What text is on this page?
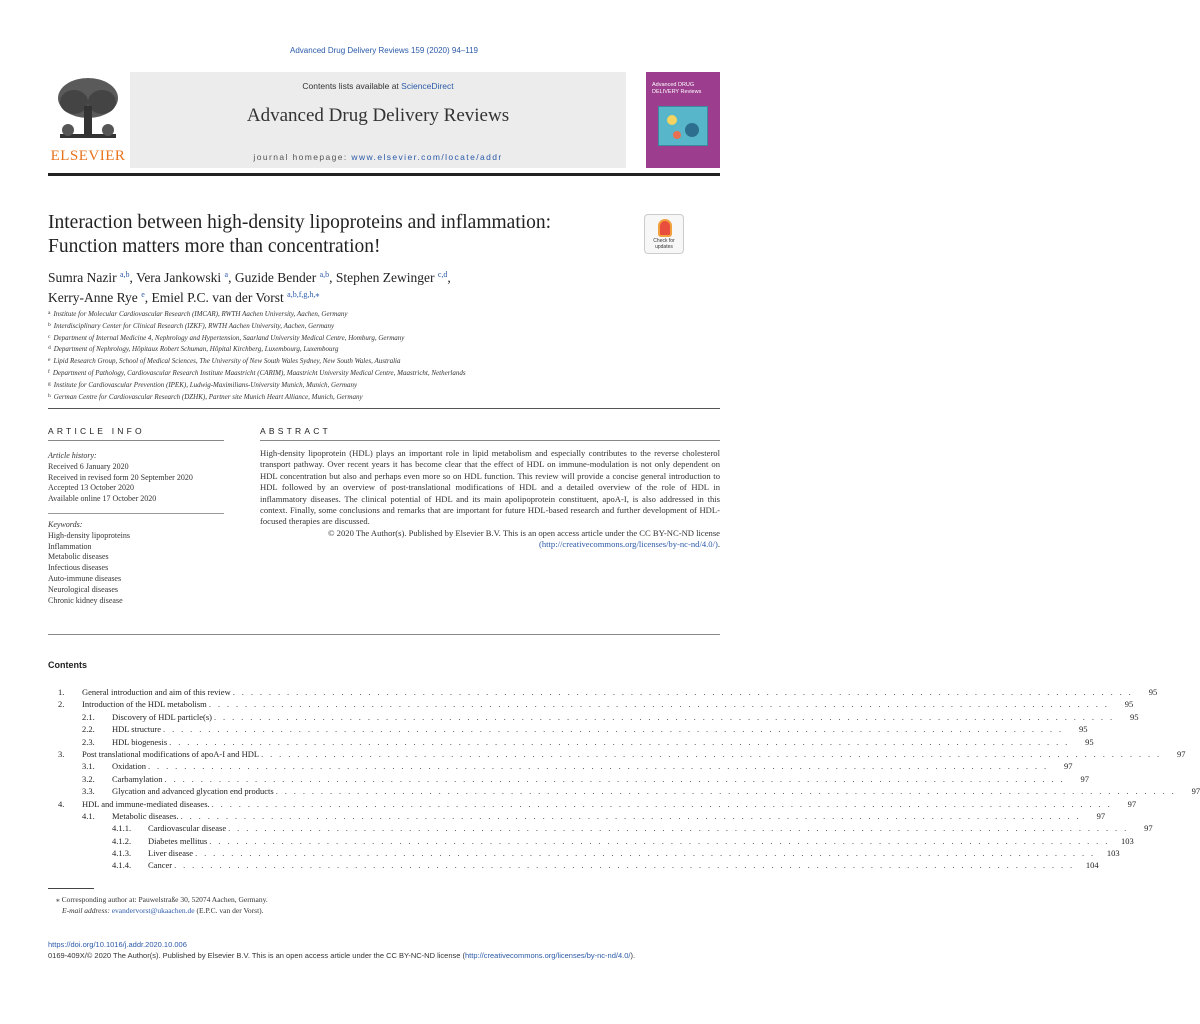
Advanced Drug Delivery Reviews 159 (2020) 94–119
ELSEVIER
Contents lists available at ScienceDirect
Advanced Drug Delivery Reviews
journal homepage: www.elsevier.com/locate/addr
Advanced DRUG DELIVERY Reviews
Interaction between high-density lipoproteins and inflammation:
Function matters more than concentration!	Check for updates
Sumra Nazir $^{a,b}$, Vera Jankowski $^a$, Guzide Bender $^{a,b}$, Stephen Zewinger $^{c,d}$,
Kerry-Anne Rye $^e$, Emiel P.C. van der Vorst $^{a,b,f,g,h,⁎}$
$^a$ Institute for Molecular Cardiovascular Research (IMCAR), RWTH Aachen University, Aachen, Germany
$^b$ Interdisciplinary Center for Clinical Research (IZKF), RWTH Aachen University, Aachen, Germany
$^c$ Department of Internal Medicine 4, Nephrology and Hypertension, Saarland University Medical Centre, Homburg, Germany
$^d$ Department of Nephrology, Hôpitaux Robert Schuman, Hôpital Kirchberg, Luxembourg, Luxembourg
$^e$ Lipid Research Group, School of Medical Sciences, The University of New South Wales Sydney, New South Wales, Australia
$^f$ Department of Pathology, Cardiovascular Research Institute Maastricht (CARIM), Maastricht University Medical Centre, Maastricht, Netherlands
$^g$ Institute for Cardiovascular Prevention (IPEK), Ludwig-Maximilians-University Munich, Munich, Germany
$^h$ German Centre for Cardiovascular Research (DZHK), Partner site Munich Heart Alliance, Munich, Germany
ARTICLE INFO	ABSTRACT
Article history:
Received 6 January 2020
Received in revised form 20 September 2020
Accepted 13 October 2020
Available online 17 October 2020
Keywords:
High-density lipoproteins
Inflammation
Metabolic diseases
Infectious diseases
Auto-immune diseases
Neurological diseases
Chronic kidney disease

High-density lipoprotein (HDL) plays an important role in lipid metabolism and especially contributes to the reverse cholesterol transport pathway. Over recent years it has become clear that the effect of HDL on immune-modulation is not only dependent on HDL concentration but also and perhaps even more so on HDL function. This review will provide a concise general introduction to HDL followed by an overview of post-translational modifications of HDL and a detailed overview of the role of HDL in inflammatory diseases. The clinical potential of HDL and its main apolipoprotein constituent, apoA-I, is also addressed in this context. Finally, some conclusions and remarks that are important for future HDL-based research and further development of HDL-focused therapies are discussed.

© 2020 The Author(s). Published by Elsevier B.V. This is an open access article under the CC BY-NC-ND license (http://creativecommons.org/licenses/by-nc-nd/4.0/).

Contents
1.	General introduction and aim of this review . . . . . . . . . . . . . . . . . . . . . . . . . . . . . . . . . . . . . . . . . . . . . . . . . . . . . . . . . . . . . . . . . . . . . . . . . . . . . . . . . . . . . . . . . . . . . . . . . . . .	95
2.	Introduction of the HDL metabolism . . . . . . . . . . . . . . . . . . . . . . . . . . . . . . . . . . . . . . . . . . . . . . . . . . . . . . . . . . . . . . . . . . . . . . . . . . . . . . . . . . . . . . . . . . . . . . . . . . . .	95
2.1.	Discovery of HDL particle(s) . . . . . . . . . . . . . . . . . . . . . . . . . . . . . . . . . . . . . . . . . . . . . . . . . . . . . . . . . . . . . . . . . . . . . . . . . . . . . . . . . . . . . . . . . . . . . . . . . . . .	95
2.2.	HDL structure . . . . . . . . . . . . . . . . . . . . . . . . . . . . . . . . . . . . . . . . . . . . . . . . . . . . . . . . . . . . . . . . . . . . . . . . . . . . . . . . . . . . . . . . . . . . . . . . . . . .	95
2.3.	HDL biogenesis . . . . . . . . . . . . . . . . . . . . . . . . . . . . . . . . . . . . . . . . . . . . . . . . . . . . . . . . . . . . . . . . . . . . . . . . . . . . . . . . . . . . . . . . . . . . . . . . . . . .	95
3.	Post translational modifications of apoA-I and HDL . . . . . . . . . . . . . . . . . . . . . . . . . . . . . . . . . . . . . . . . . . . . . . . . . . . . . . . . . . . . . . . . . . . . . . . . . . . . . . . . . . . . . . . . . . . . . . . . . . . .	97
3.1.	Oxidation . . . . . . . . . . . . . . . . . . . . . . . . . . . . . . . . . . . . . . . . . . . . . . . . . . . . . . . . . . . . . . . . . . . . . . . . . . . . . . . . . . . . . . . . . . . . . . . . . . . .	97
3.2.	Carbamylation . . . . . . . . . . . . . . . . . . . . . . . . . . . . . . . . . . . . . . . . . . . . . . . . . . . . . . . . . . . . . . . . . . . . . . . . . . . . . . . . . . . . . . . . . . . . . . . . . . . .	97
3.3.	Glycation and advanced glycation end products . . . . . . . . . . . . . . . . . . . . . . . . . . . . . . . . . . . . . . . . . . . . . . . . . . . . . . . . . . . . . . . . . . . . . . . . . . . . . . . . . . . . . . . . . . . . . . . . . . . .	97
4.	HDL and immune-mediated diseases. . . . . . . . . . . . . . . . . . . . . . . . . . . . . . . . . . . . . . . . . . . . . . . . . . . . . . . . . . . . . . . . . . . . . . . . . . . . . . . . . . . . . . . . . . . . . . . . . . . . .	97
4.1.	Metabolic diseases. . . . . . . . . . . . . . . . . . . . . . . . . . . . . . . . . . . . . . . . . . . . . . . . . . . . . . . . . . . . . . . . . . . . . . . . . . . . . . . . . . . . . . . . . . . . . . . . . . . . .	97
4.1.1.	Cardiovascular disease . . . . . . . . . . . . . . . . . . . . . . . . . . . . . . . . . . . . . . . . . . . . . . . . . . . . . . . . . . . . . . . . . . . . . . . . . . . . . . . . . . . . . . . . . . . . . . . . . . . .	97
4.1.2.	Diabetes mellitus . . . . . . . . . . . . . . . . . . . . . . . . . . . . . . . . . . . . . . . . . . . . . . . . . . . . . . . . . . . . . . . . . . . . . . . . . . . . . . . . . . . . . . . . . . . . . . . . . . . .	103
4.1.3.	Liver disease . . . . . . . . . . . . . . . . . . . . . . . . . . . . . . . . . . . . . . . . . . . . . . . . . . . . . . . . . . . . . . . . . . . . . . . . . . . . . . . . . . . . . . . . . . . . . . . . . . . .	103
4.1.4.	Cancer . . . . . . . . . . . . . . . . . . . . . . . . . . . . . . . . . . . . . . . . . . . . . . . . . . . . . . . . . . . . . . . . . . . . . . . . . . . . . . . . . . . . . . . . . . . . . . . . . . . .	104
⁎ Corresponding author at: Pauwelstraße 30, 52074 Aachen, Germany.
E-mail address: evandervorst@ukaachen.de (E.P.C. van der Vorst).
https://doi.org/10.1016/j.addr.2020.10.006
0169-409X/© 2020 The Author(s). Published by Elsevier B.V. This is an open access article under the CC BY-NC-ND license (http://creativecommons.org/licenses/by-nc-nd/4.0/).
